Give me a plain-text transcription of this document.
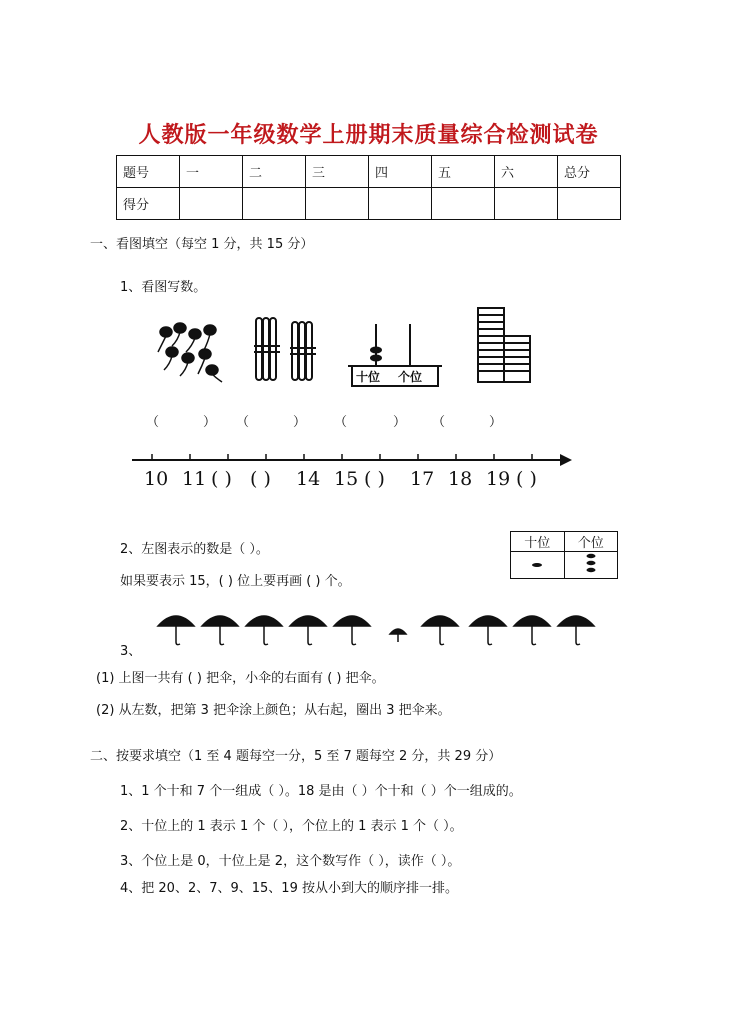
人教版一年级数学上册期末质量综合检测试卷
题号	一	二	三	四	五	六	总分
得分							
一、看图填空（每空 1 分，共 15 分）
1、看图写数。
十位 个位
（	） （	） （	） （	）
10 11 ( ) ( ) 14 15 ( ) 17 18 19 ( )
2、左图表示的数是（ ）。
如果要表示 15，( ) 位上要再画 ( ) 个。
十位	个位

3、
(1) 上图一共有 ( ) 把伞，小伞的右面有 ( ) 把伞。
(2) 从左数，把第 3 把伞涂上颜色；从右起，圈出 3 把伞来。
二、按要求填空（1 至 4 题每空一分，5 至 7 题每空 2 分，共 29 分）
1、1 个十和 7 个一组成（ ）。18 是由（ ）个十和（ ）个一组成的。
2、十位上的 1 表示 1 个（ ），个位上的 1 表示 1 个（ ）。
3、个位上是 0，十位上是 2，这个数写作（ ），读作（ ）。
4、把 20、2、7、9、15、19 按从小到大的顺序排一排。
